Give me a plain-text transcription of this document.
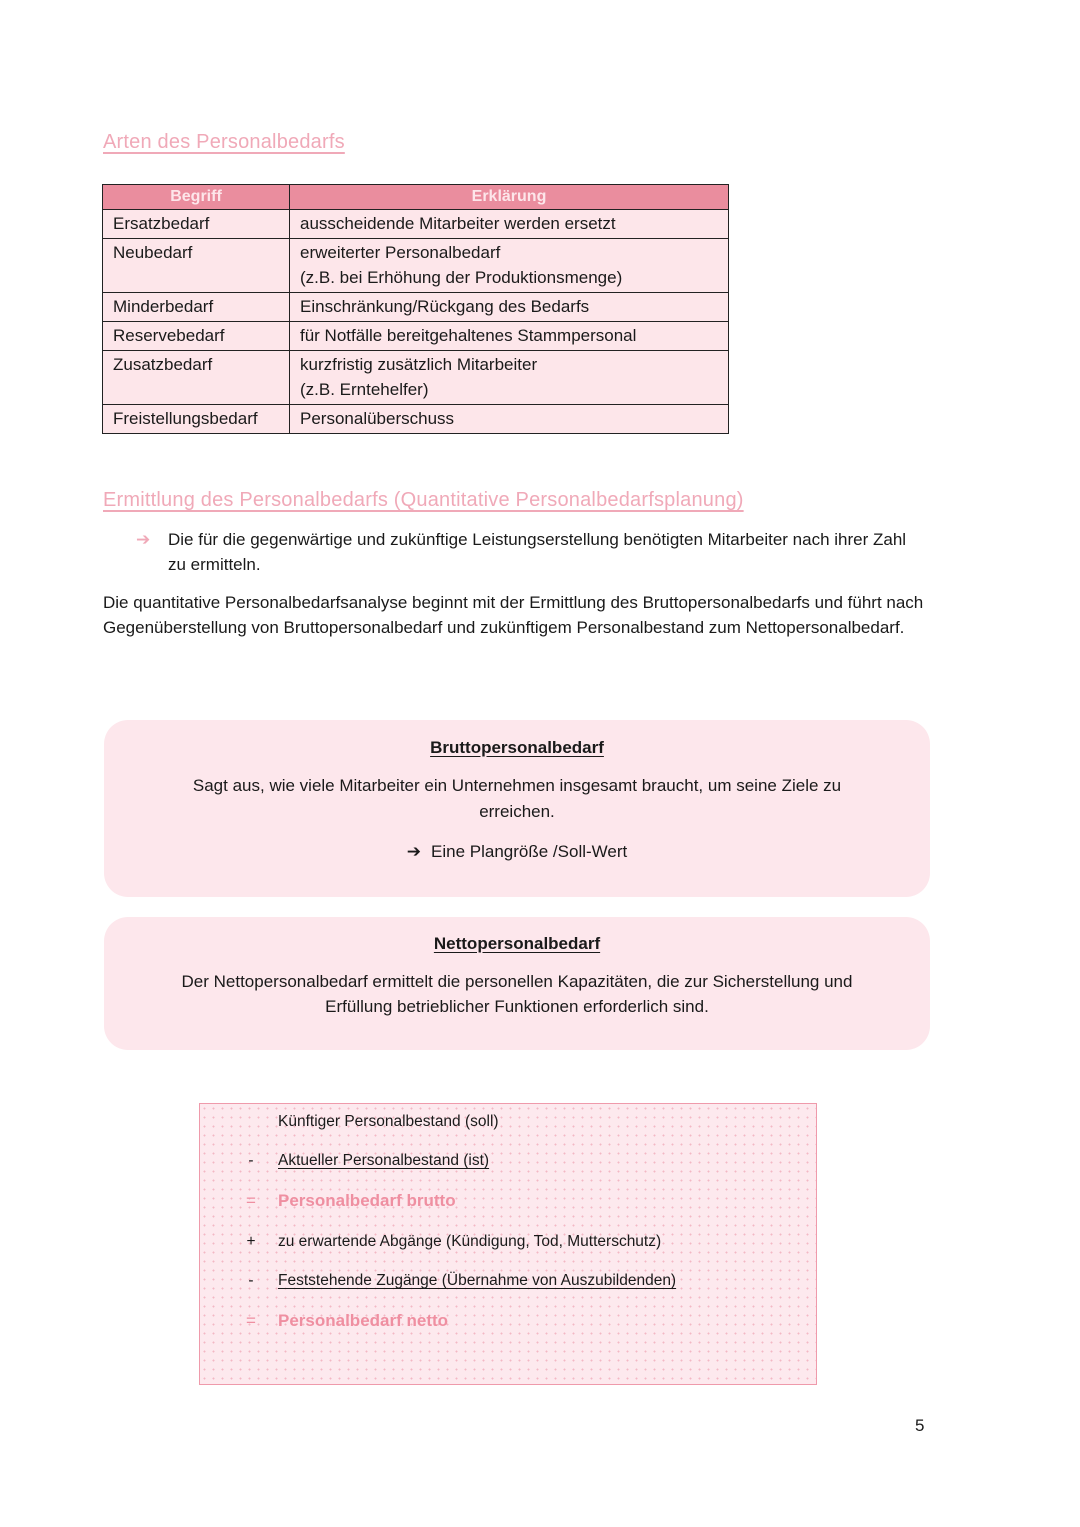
Arten des Personalbedarfs
Begriff	Erklärung
Ersatzbedarf	ausscheidende Mitarbeiter werden ersetzt
Neubedarf	erweiterter Personalbedarf
(z.B. bei Erhöhung der Produktionsmenge)
Minderbedarf	Einschränkung/Rückgang des Bedarfs
Reservebedarf	für Notfälle bereitgehaltenes Stammpersonal
Zusatzbedarf	kurzfristig zusätzlich Mitarbeiter
(z.B. Erntehelfer)
Freistellungsbedarf	Personalüberschuss
Ermittlung des Personalbedarfs (Quantitative Personalbedarfsplanung)
➔ Die für die gegenwärtige und zukünftige Leistungserstellung benötigten Mitarbeiter nach ihrer Zahl zu ermitteln.
Die quantitative Personalbedarfsanalyse beginnt mit der Ermittlung des Bruttopersonalbedarfs und führt nach Gegenüberstellung von Bruttopersonalbedarf und zukünftigem Personalbestand zum Nettopersonalbedarf.
Bruttopersonalbedarf
Sagt aus, wie viele Mitarbeiter ein Unternehmen insgesamt braucht, um seine Ziele zu
erreichen.
➔ Eine Plangröße /Soll-Wert
Nettopersonalbedarf
Der Nettopersonalbedarf ermittelt die personellen Kapazitäten, die zur Sicherstellung und
Erfüllung betrieblicher Funktionen erforderlich sind.
Künftiger Personalbestand (soll)
- Aktueller Personalbestand (ist)
= Personalbedarf brutto
+ zu erwartende Abgänge (Kündigung, Tod, Mutterschutz)
- Feststehende Zugänge (Übernahme von Auszubildenden)
= Personalbedarf netto
5
